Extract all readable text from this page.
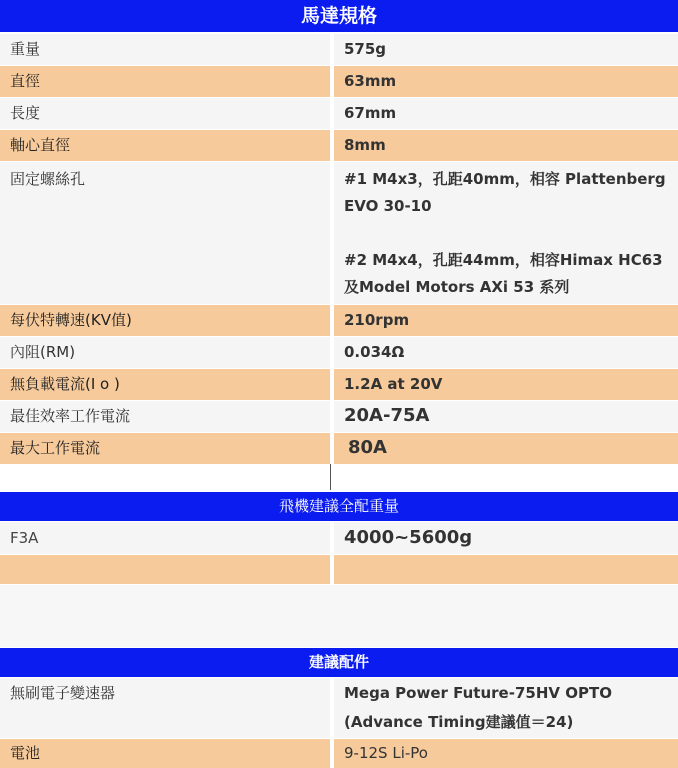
馬達規格
重量	575g
直徑	63mm
長度	67mm
軸心直徑	8mm
固定螺絲孔	#1 M4x3，孔距40mm，相容 Plattenberg
EVO 30-10
#2 M4x4，孔距44mm，相容Himax HC63
及Model Motors AXi 53 系列
每伏特轉速(KV值)	210rpm
內阻(RM)	0.034Ω
無負載電流(I o )	1.2A at 20V
最佳效率工作電流	20A-75A
最大工作電流	80A
飛機建議全配重量
F3A	4000~5600g
建議配件
無刷電子變速器	Mega Power Future-75HV OPTO
(Advance Timing建議值＝24)
電池	9-12S Li-Po
